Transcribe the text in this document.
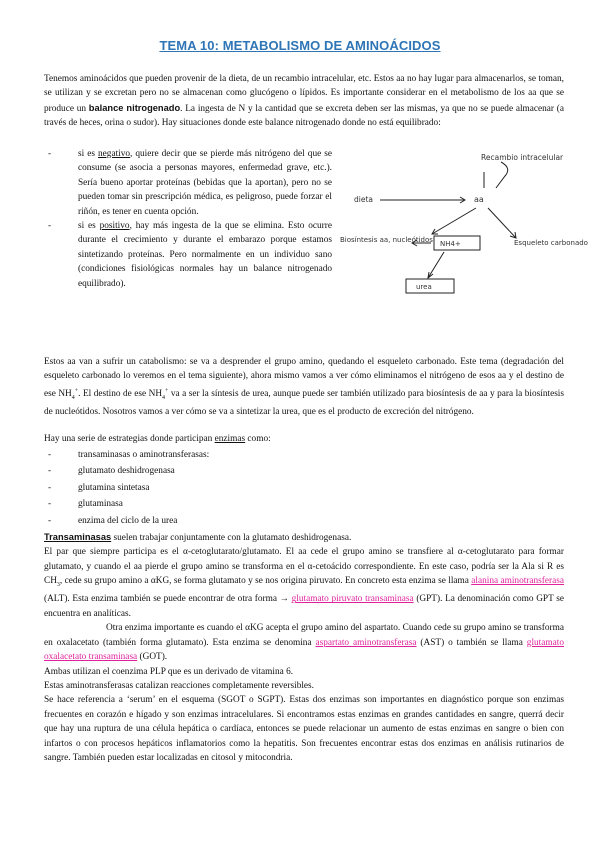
TEMA 10: METABOLISMO DE AMINOÁCIDOS

Tenemos aminoácidos que pueden provenir de la dieta, de un recambio intracelular, etc. Estos aa no hay lugar para almacenarlos, se toman, se utilizan y se excretan pero no se almacenan como glucógeno o lípidos. Es importante considerar en el metabolismo de los aa que se produce un balance nitrogenado. La ingesta de N y la cantidad que se excreta deben ser las mismas, ya que no se puede almacenar (a través de heces, orina o sudor). Hay situaciones donde este balance nitrogenado donde no está equilibrado:

-	si es negativo, quiere decir que se pierde más nitrógeno del que se consume (se asocia a personas mayores, enfermedad grave, etc.). Sería bueno aportar proteínas (bebidas que la aportan), pero no se pueden tomar sin prescripción médica, es peligroso, puede forzar el riñón, es tener en cuenta opción.
-	si es positivo, hay más ingesta de la que se elimina. Esto ocurre durante el crecimiento y durante el embarazo porque estamos sintetizando proteínas. Pero normalmente en un individuo sano (condiciones fisiológicas normales hay un balance nitrogenado equilibrado).
Recambio intracelular
dieta	aa
Biosíntesis aa, nucleótidos NH4+	Esqueleto carbonado
urea

Estos aa van a sufrir un catabolismo: se va a desprender el grupo amino, quedando el esqueleto carbonado. Este tema (degradación del esqueleto carbonado lo veremos en el tema siguiente), ahora mismo vamos a ver cómo eliminamos el nitrógeno de esos aa y el destino de ese $NH_4^+$. El destino de ese $NH_4^+$ va a ser la síntesis de urea, aunque puede ser también utilizado para biosíntesis de aa y para la biosíntesis de nucleótidos. Nosotros vamos a ver cómo se va a sintetizar la urea, que es el producto de excreción del nitrógeno.

Hay una serie de estrategias donde participan enzimas como:

-	transaminasas o aminotransferasas:
-	glutamato deshidrogenasa
-	glutamina sintetasa
-	glutaminasa
-	enzima del ciclo de la urea

Transaminasas suelen trabajar conjuntamente con la glutamato deshidrogenasa.

El par que siempre participa es el α-cetoglutarato/glutamato. El aa cede el grupo amino se transfiere al α-cetoglutarato para formar glutamato, y cuando el aa pierde el grupo amino se transforma en el α-cetoácido correspondiente. En este caso, podría ser la Ala si R es $CH_3$, cede su grupo amino a αKG, se forma glutamato y se nos origina piruvato. En concreto esta enzima se llama alanina aminotransferasa (ALT). Esta enzima también se puede encontrar de otra forma → glutamato piruvato transaminasa (GPT). La denominación como GPT se encuentra en analíticas.

Otra enzima importante es cuando el αKG acepta el grupo amino del aspartato. Cuando cede su grupo amino se transforma en oxalacetato (también forma glutamato). Esta enzima se denomina aspartato aminotransferasa (AST) o también se llama glutamato oxalacetato transaminasa (GOT).

Ambas utilizan el coenzima PLP que es un derivado de vitamina 6.

Estas aminotransferasas catalizan reacciones completamente reversibles.

Se hace referencia a ‘serum’ en el esquema (SGOT o SGPT). Estas dos enzimas son importantes en diagnóstico porque son enzimas frecuentes en corazón e hígado y son enzimas intracelulares. Si encontramos estas enzimas en grandes cantidades en sangre, querrá decir que hay una ruptura de una célula hepática o cardíaca, entonces se puede relacionar un aumento de estas enzimas en sangre o bien con infartos o con procesos hepáticos inflamatorios como la hepatitis. Son frecuentes encontrar estas dos enzimas en análisis rutinarios de sangre. También pueden estar localizadas en citosol y mitocondria.
